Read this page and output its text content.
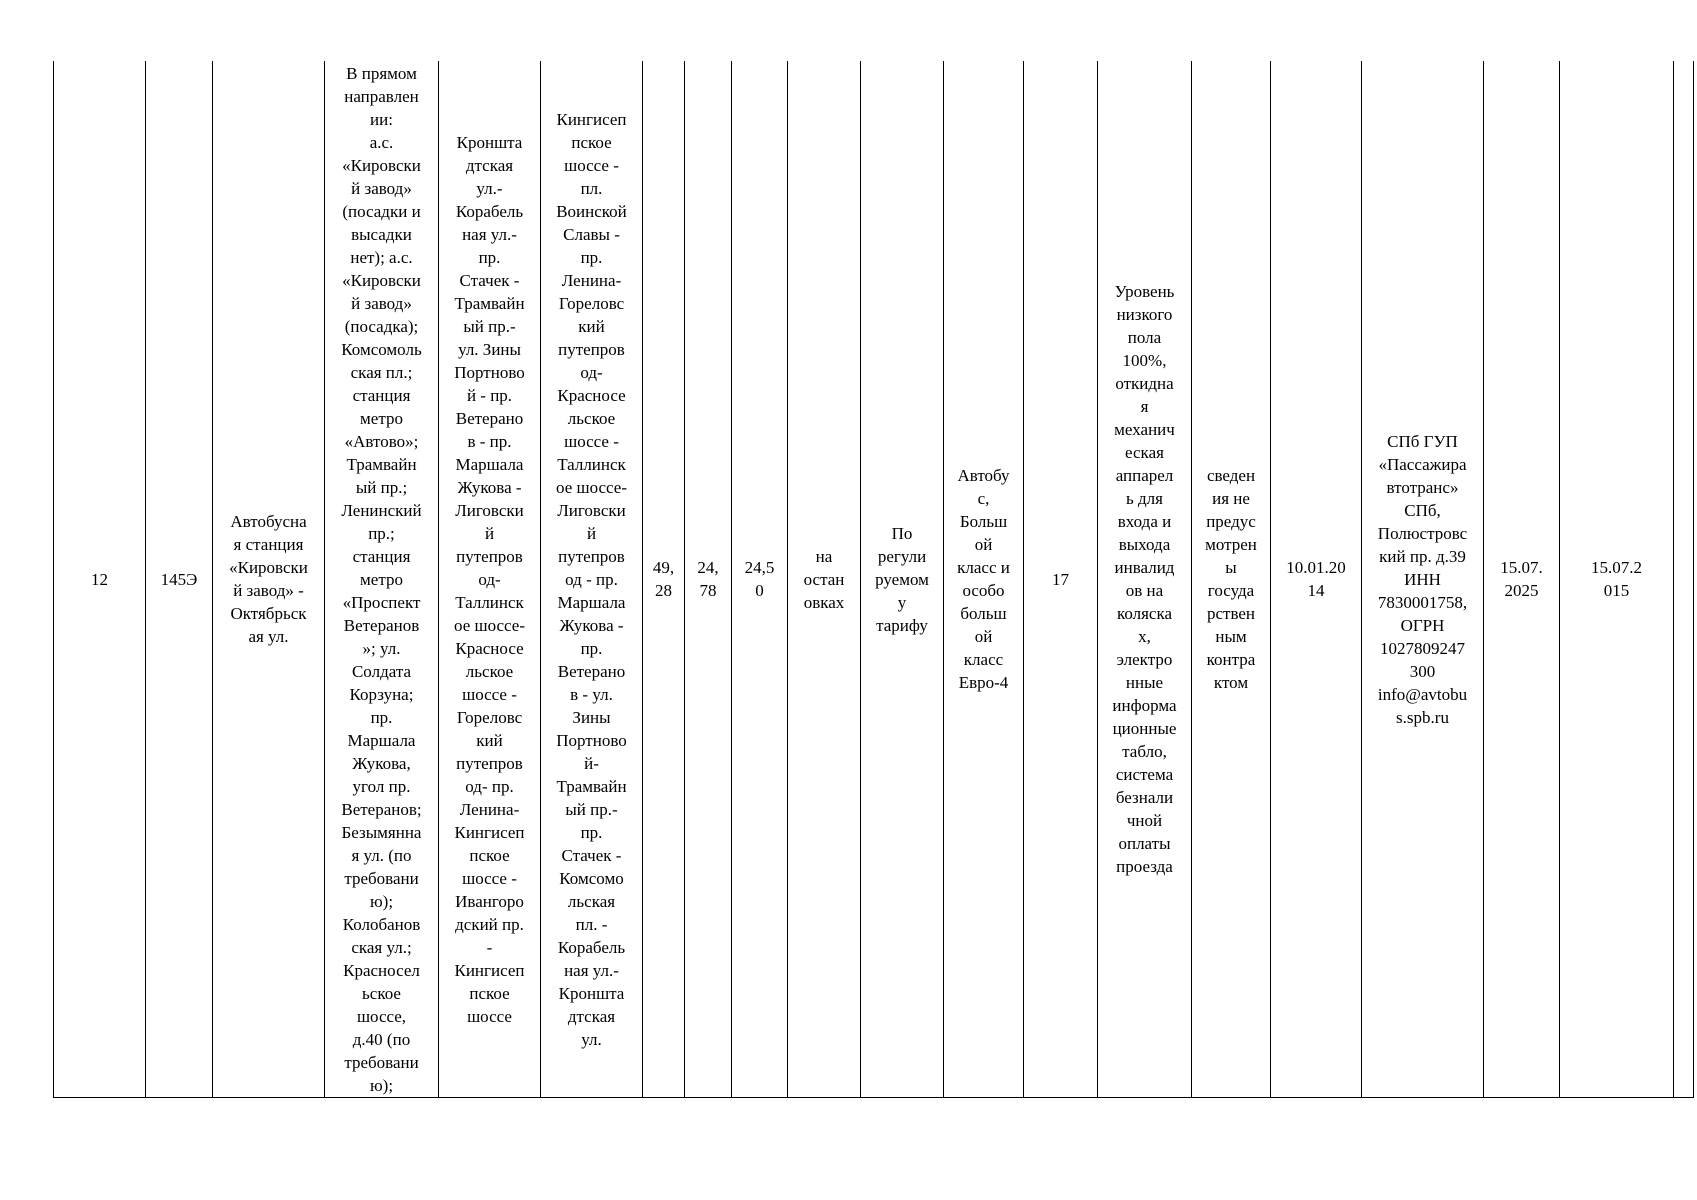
12	145Э	Автобусна
я станция
«Кировски
й завод» -
Октябрьск
ая ул.	В прямом
направлен
ии:
а.с.
«Кировски
й завод»
(посадки и
высадки
нет); а.с.
«Кировски
й завод»
(посадка);
Комсомоль
ская пл.;
станция
метро
«Автово»;
Трамвайн
ый пр.;
Ленинский
пр.;
станция
метро
«Проспект
Ветеранов
»; ул.
Солдата
Корзуна;
пр.
Маршала
Жукова,
угол пр.
Ветеранов;
Безымянна
я ул. (по
требовани
ю);
Колобанов
ская ул.;
Красносел
ьское
шоссе,
д.40 (по
требовани
ю);	Кроншта
дтская
ул.-
Корабель
ная ул.-
пр.
Стачек -
Трамвайн
ый пр.-
ул. Зины
Портново
й - пр.
Ветерано
в - пр.
Маршала
Жукова -
Лиговски
й
путепров
од-
Таллинск
ое шоссе-
Красносе
льское
шоссе -
Гореловс
кий
путепров
од- пр.
Ленина-
Кингисеп
пское
шоссе -
Ивангоро
дский пр.
-
Кингисеп
пское
шоссе	Кингисеп
пское
шоссе -
пл.
Воинской
Славы -
пр.
Ленина-
Гореловс
кий
путепров
од-
Красносе
льское
шоссе -
Таллинск
ое шоссе-
Лиговски
й
путепров
од - пр.
Маршала
Жукова -
пр.
Ветерано
в - ул.
Зины
Портново
й-
Трамвайн
ый пр.-
пр.
Стачек -
Комсомо
льская
пл. -
Корабель
ная ул.-
Кроншта
дтская
ул.	49,
28	24,
78	24,5
0	на
остан
овках	По
регули
руемом
у
тарифу	Автобу
с,
Больш
ой
класс и
особо
больш
ой
класс
Евро-4	17	Уровень
низкого
пола
100%,
откидна
я
механич
еская
аппарел
ь для
входа и
выхода
инвалид
ов на
коляска
х,
электро
нные
информа
ционные
табло,
система
безнали
чной
оплаты
проезда	сведен
ия не
предус
мотрен
ы
госуда
рствен
ным
контра
ктом	10.01.20
14	СПб ГУП
«Пассажира
втотранс»
СПб,
Полюстровс
кий пр. д.39
ИНН
7830001758,
ОГРН
1027809247
300
info@avtobu
s.spb.ru	15.07.
2025	15.07.2
015	
